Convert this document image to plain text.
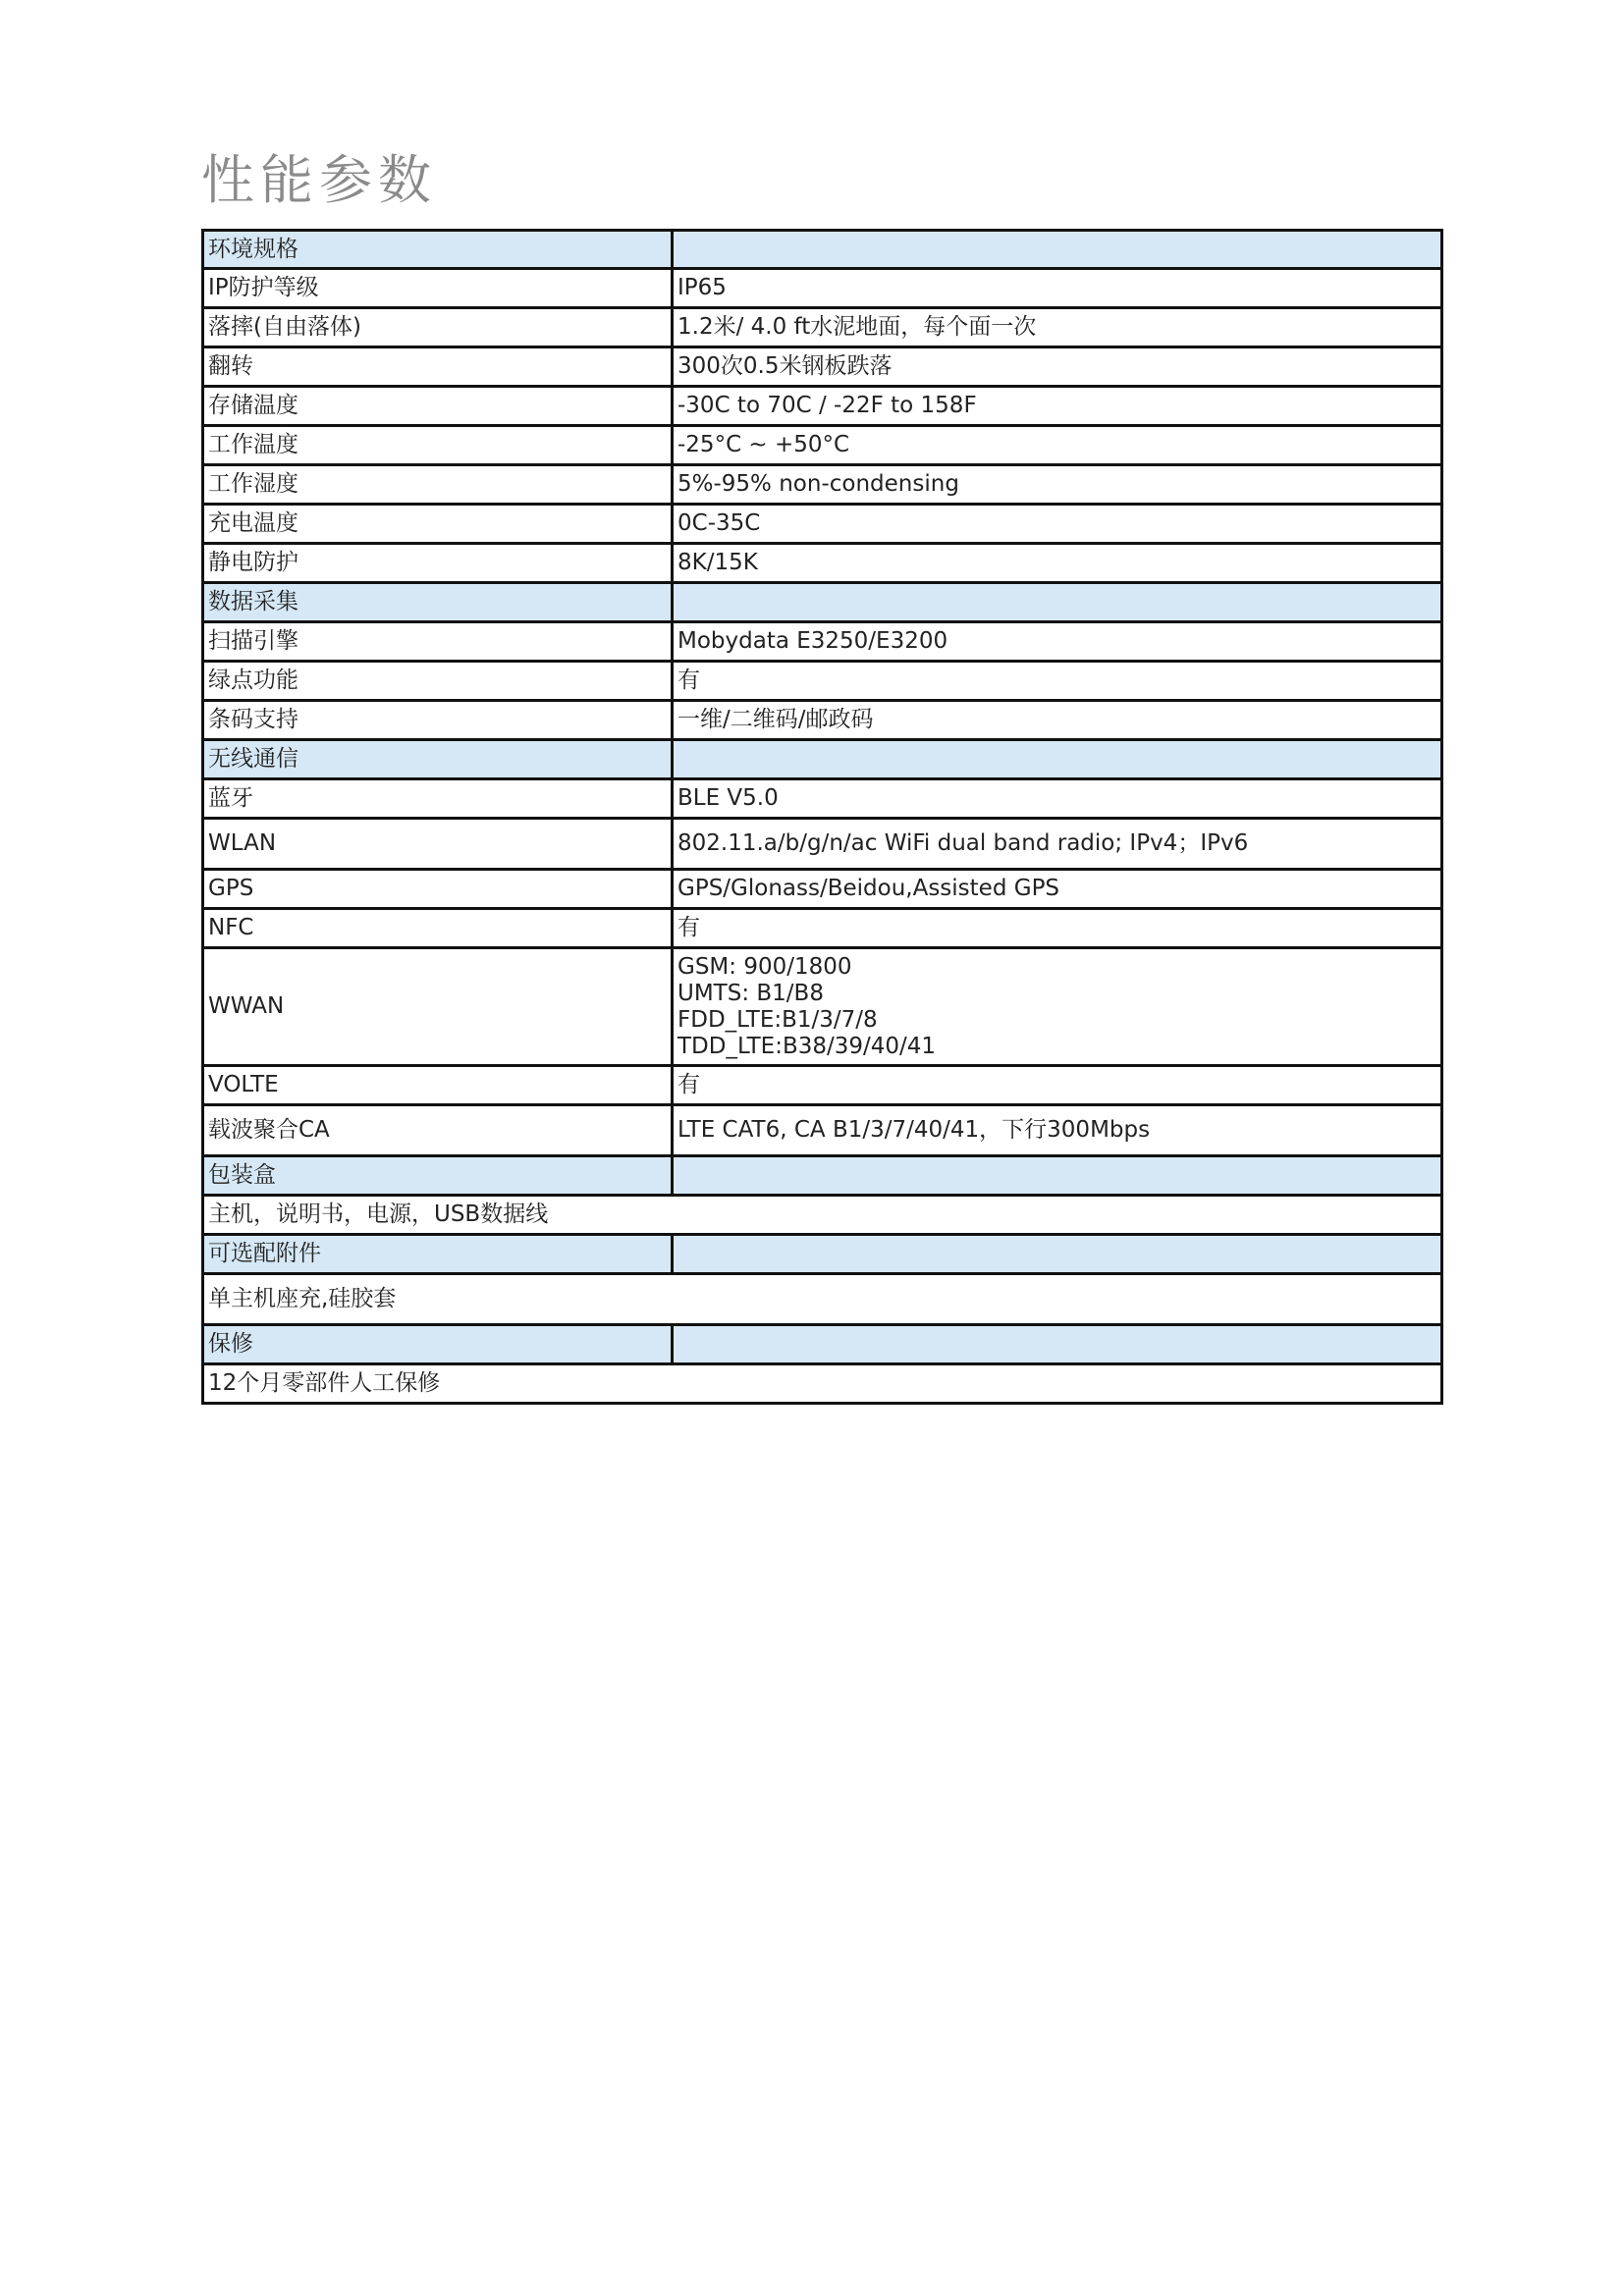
性能参数
环境规格	
IP防护等级	IP65
落摔(自由落体)	1.2米/ 4.0 ft水泥地面，每个面一次
翻转	300次0.5米钢板跌落
存储温度	-30C to 70C / -22F to 158F
工作温度	-25°C ~ +50°C
工作湿度	5%-95% non-condensing
充电温度	0C-35C
静电防护	8K/15K
数据采集	
扫描引擎	Mobydata E3250/E3200
绿点功能	有
条码支持	一维/二维码/邮政码
无线通信	
蓝牙	BLE V5.0
WLAN	802.11.a/b/g/n/ac WiFi dual band radio; IPv4；IPv6
GPS	GPS/Glonass/Beidou,Assisted GPS
NFC	有
WWAN	GSM: 900/1800
UMTS: B1/B8
FDD_LTE:B1/3/7/8
TDD_LTE:B38/39/40/41

VOLTE	有
载波聚合CA	LTE CAT6, CA B1/3/7/40/41，下行300Mbps
包装盒	
主机，说明书，电源，USB数据线	
可选配附件	
单主机座充,硅胶套	
保修	
12个月零部件人工保修	
